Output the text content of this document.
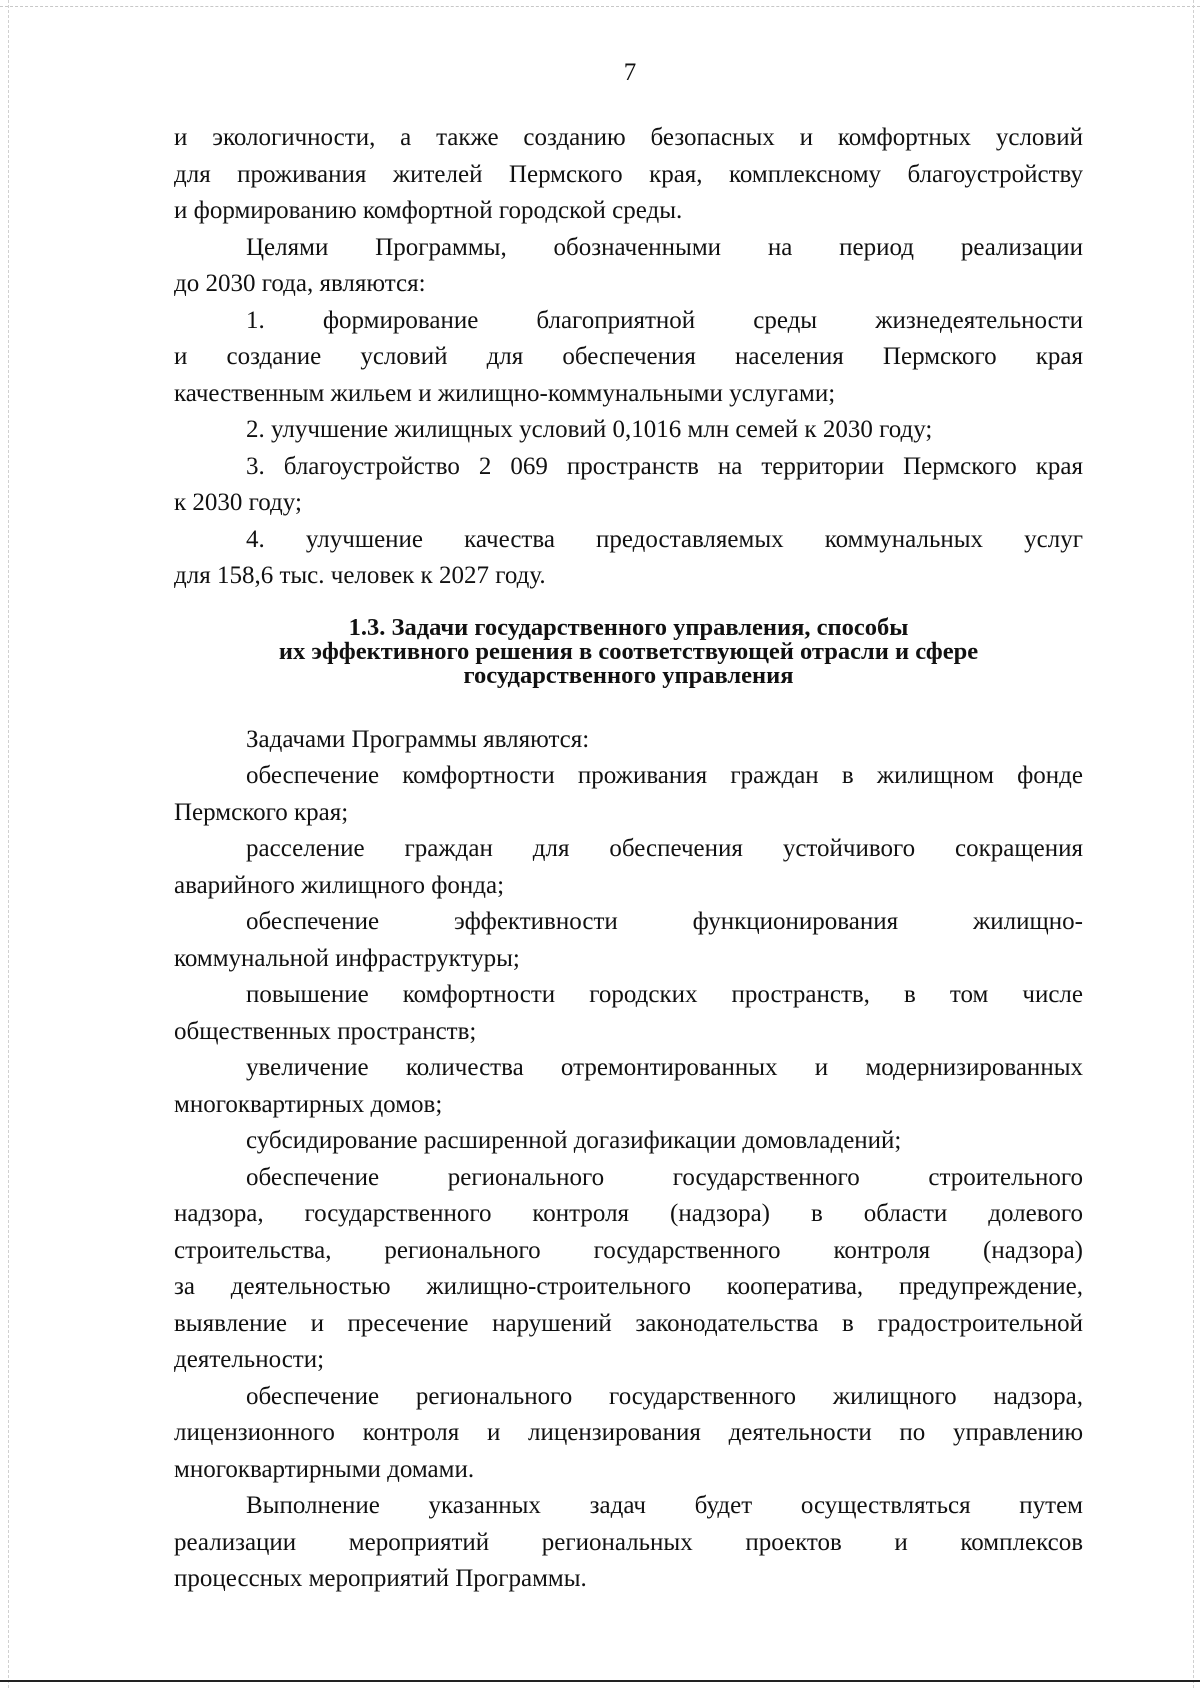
7

и экологичности, а также созданию безопасных и комфортных условий
для проживания жителей Пермского края, комплексному благоустройству
и формированию комфортной городской среды.

Целями Программы, обозначенными на период реализации
до 2030 года, являются:

1. формирование благоприятной среды жизнедеятельности
и создание условий для обеспечения населения Пермского края
качественным жильем и жилищно-коммунальными услугами;

2. улучшение жилищных условий 0,1016 млн семей к 2030 году;

3. благоустройство 2 069 пространств на территории Пермского края
к 2030 году;

4. улучшение качества предоставляемых коммунальных услуг
для 158,6 тыс. человек к 2027 году.

1.3. Задачи государственного управления, способы
их эффективного решения в соответствующей отрасли и сфере
государственного управления

Задачами Программы являются:

обеспечение комфортности проживания граждан в жилищном фонде
Пермского края;

расселение граждан для обеспечения устойчивого сокращения
аварийного жилищного фонда;

обеспечение эффективности функционирования жилищно-
коммунальной инфраструктуры;

повышение комфортности городских пространств, в том числе
общественных пространств;

увеличение количества отремонтированных и модернизированных
многоквартирных домов;

субсидирование расширенной догазификации домовладений;

обеспечение регионального государственного строительного
надзора, государственного контроля (надзора) в области долевого
строительства, регионального государственного контроля (надзора)
за деятельностью жилищно-строительного кооператива, предупреждение,
выявление и пресечение нарушений законодательства в градостроительной
деятельности;

обеспечение регионального государственного жилищного надзора,
лицензионного контроля и лицензирования деятельности по управлению
многоквартирными домами.

Выполнение указанных задач будет осуществляться путем
реализации мероприятий региональных проектов и комплексов
процессных мероприятий Программы.
